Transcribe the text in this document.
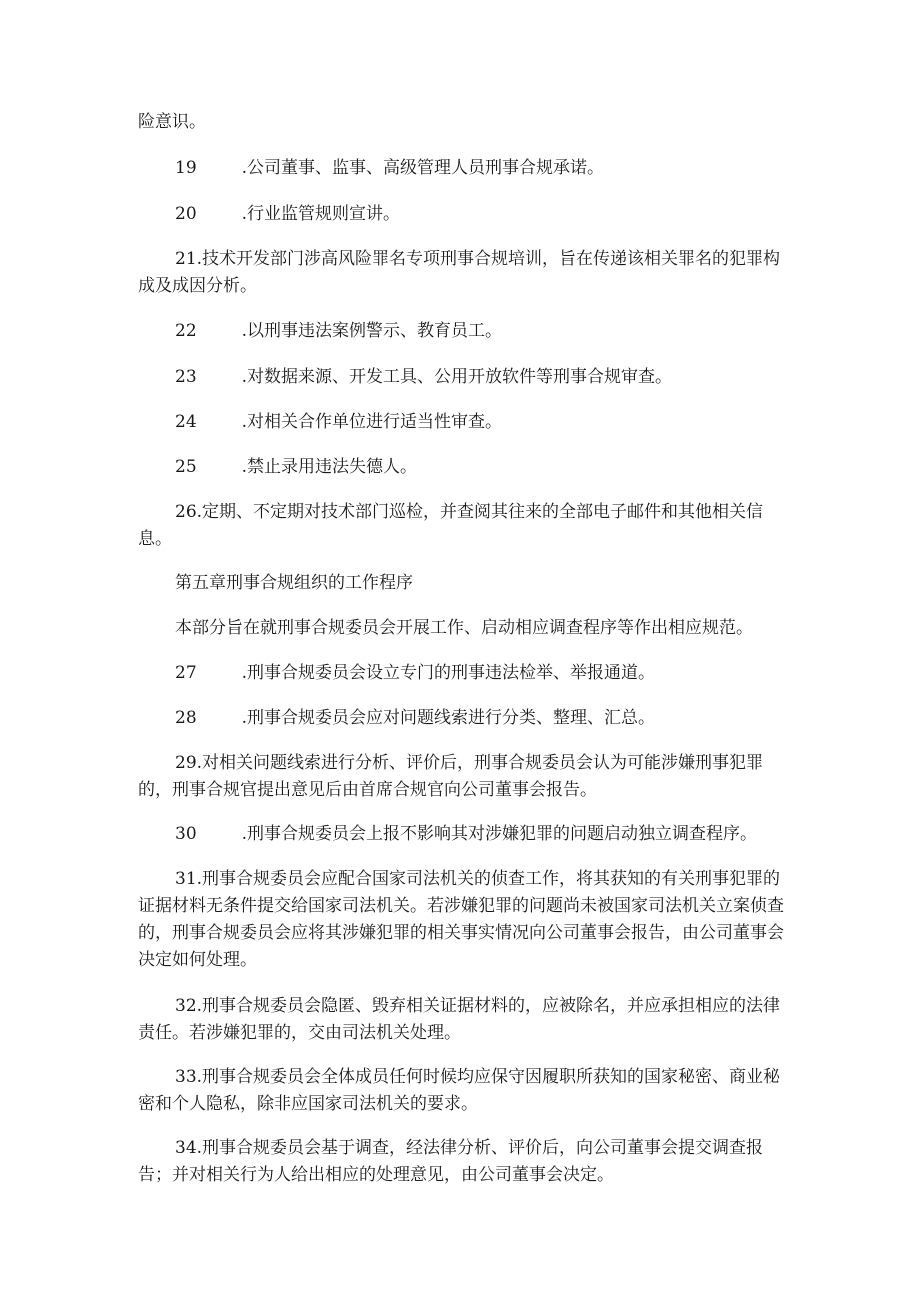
险意识。

19	.公司董事、监事、高级管理人员刑事合规承诺。

20	.行业监管规则宣讲。

21.技术开发部门涉高风险罪名专项刑事合规培训，旨在传递该相关罪名的犯罪构成及成因分析。

22	.以刑事违法案例警示、教育员工。

23	.对数据来源、开发工具、公用开放软件等刑事合规审查。

24	.对相关合作单位进行适当性审查。

25	.禁止录用违法失德人。

26.定期、不定期对技术部门巡检，并查阅其往来的全部电子邮件和其他相关信息。

第五章刑事合规组织的工作程序

本部分旨在就刑事合规委员会开展工作、启动相应调查程序等作出相应规范。

27	.刑事合规委员会设立专门的刑事违法检举、举报通道。

28	.刑事合规委员会应对问题线索进行分类、整理、汇总。

29.对相关问题线索进行分析、评价后，刑事合规委员会认为可能涉嫌刑事犯罪的，刑事合规官提出意见后由首席合规官向公司董事会报告。

30	.刑事合规委员会上报不影响其对涉嫌犯罪的问题启动独立调查程序。

31.刑事合规委员会应配合国家司法机关的侦查工作，将其获知的有关刑事犯罪的证据材料无条件提交给国家司法机关。若涉嫌犯罪的问题尚未被国家司法机关立案侦查的，刑事合规委员会应将其涉嫌犯罪的相关事实情况向公司董事会报告，由公司董事会决定如何处理。

32.刑事合规委员会隐匿、毁弃相关证据材料的，应被除名，并应承担相应的法律责任。若涉嫌犯罪的，交由司法机关处理。

33.刑事合规委员会全体成员任何时候均应保守因履职所获知的国家秘密、商业秘密和个人隐私，除非应国家司法机关的要求。

34.刑事合规委员会基于调查，经法律分析、评价后，向公司董事会提交调查报告；并对相关行为人给出相应的处理意见，由公司董事会决定。
